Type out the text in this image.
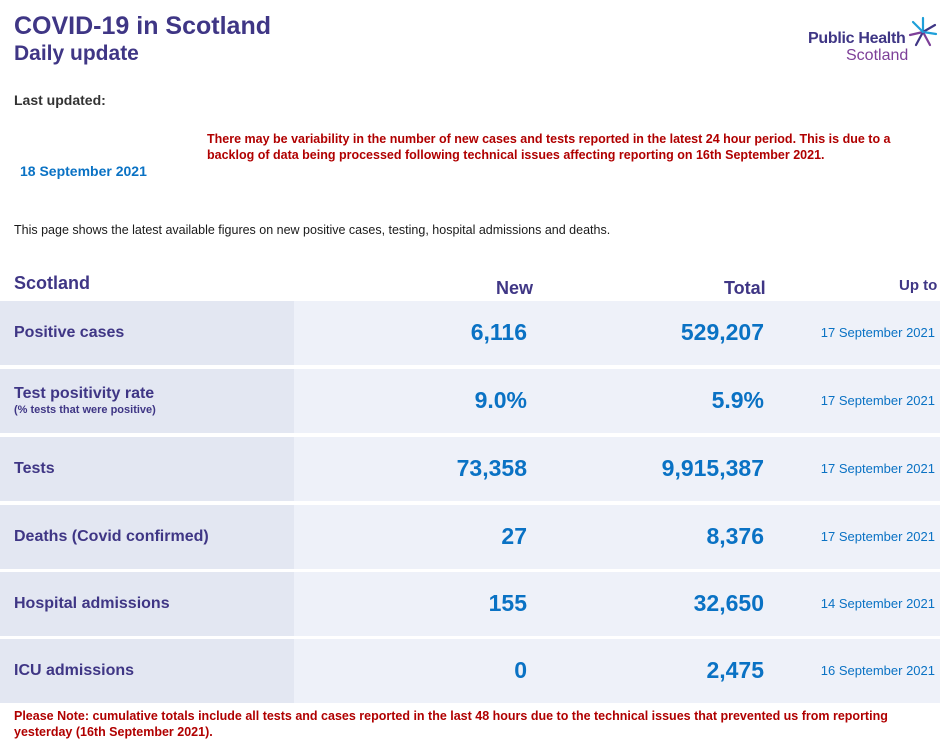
COVID-19 in Scotland
Daily update
Public Health
Scotland
Last updated:
There may be variability in the number of new cases and tests reported in the latest 24 hour period. This is due to a backlog of data being processed following technical issues affecting reporting on 16th September 2021.
18 September 2021
This page shows the latest available figures on new positive cases, testing, hospital admissions and deaths.
Scotland	New	Total	Up to
Positive cases	6,116	529,207	17 September 2021
Test positivity rate
(% tests that were positive)	9.0%	5.9%	17 September 2021
Tests	73,358	9,915,387	17 September 2021
Deaths (Covid confirmed)	27	8,376	17 September 2021
Hospital admissions	155	32,650	14 September 2021
ICU admissions	0	2,475	16 September 2021
Please Note: cumulative totals include all tests and cases reported in the last 48 hours due to the technical issues that prevented us from reporting yesterday (16th September 2021).
